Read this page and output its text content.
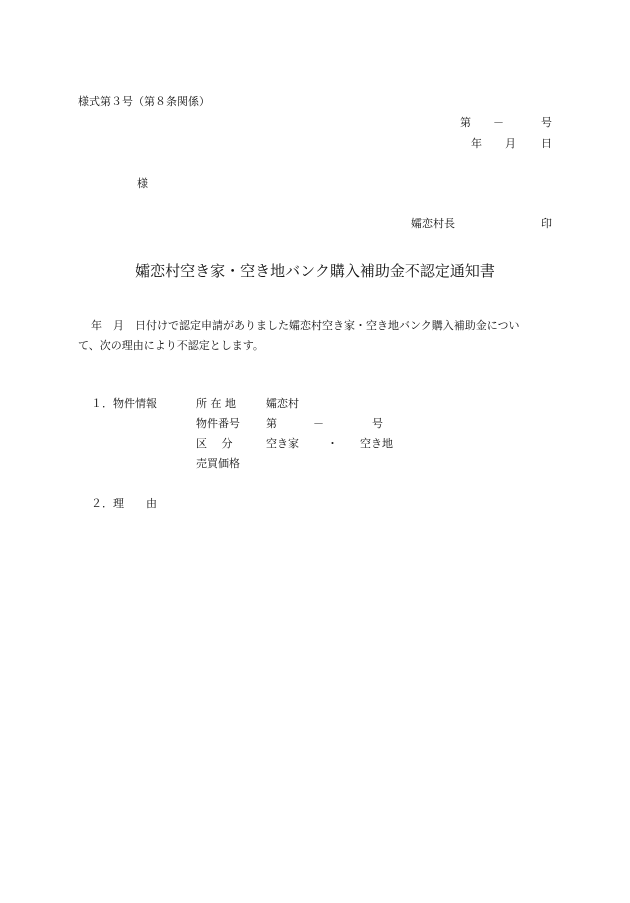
様式第３号（第８条関係）
第 －	号
年 月 日
様
孀恋村長	印
孀恋村空き家・空き地バンク購入補助金不認定通知書
年　月　日付けで認定申請がありました孀恋村空き家・空き地バンク購入補助金につい
て、次の理由により不認定とします。
１．物件情報	所 在 地	孀恋村
物件番号 第	－	号
区　 分	空き家	・ 空き地
売買価格
２．理　　由
